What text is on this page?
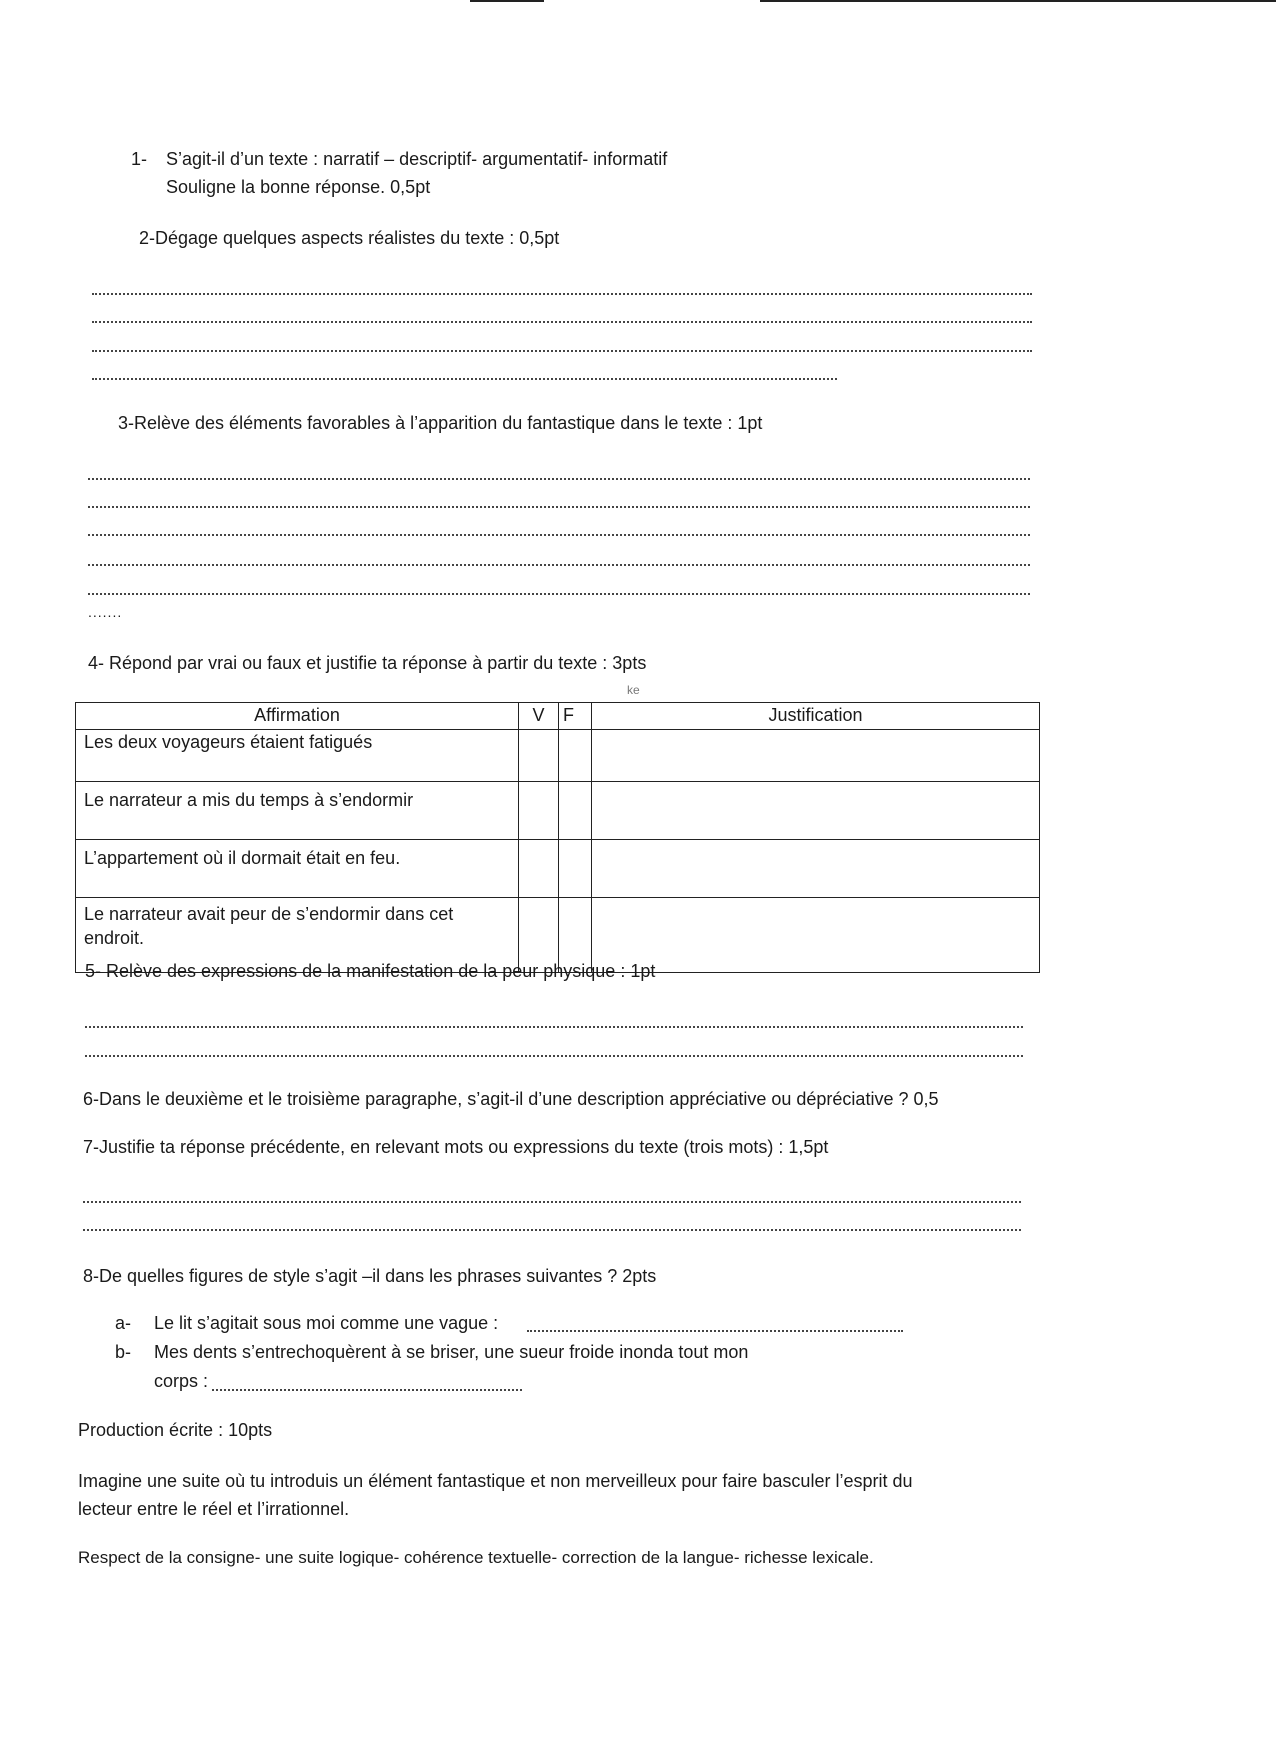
1- S’agit-il d’un texte : narratif – descriptif- argumentatif- informatif
Souligne la bonne réponse. 0,5pt
2-Dégage quelques aspects réalistes du texte : 0,5pt
3-Relève des éléments favorables à l’apparition du fantastique dans le texte : 1pt
.......
4- Répond par vrai ou faux et justifie ta réponse à partir du texte : 3pts
ke
Affirmation	V	F	Justification
Les deux voyageurs étaient fatigués			
Le narrateur a mis du temps à s’endormir			
L’appartement où il dormait était en feu.			
Le narrateur avait peur de s’endormir dans cet endroit.			
5- Relève des expressions de la manifestation de la peur physique : 1pt
6-Dans le deuxième et le troisième paragraphe, s’agit-il d’une description appréciative ou dépréciative ? 0,5
7-Justifie ta réponse précédente, en relevant mots ou expressions du texte (trois mots) : 1,5pt
8-De quelles figures de style s’agit –il dans les phrases suivantes ? 2pts
a- Le lit s’agitait sous moi comme une vague :
b- Mes dents s’entrechoquèrent à se briser, une sueur froide inonda tout mon
corps :
Production écrite : 10pts
Imagine une suite où tu introduis un élément fantastique et non merveilleux pour faire basculer l’esprit du
lecteur entre le réel et l’irrationnel.
Respect de la consigne- une suite logique- cohérence textuelle- correction de la langue- richesse lexicale.
